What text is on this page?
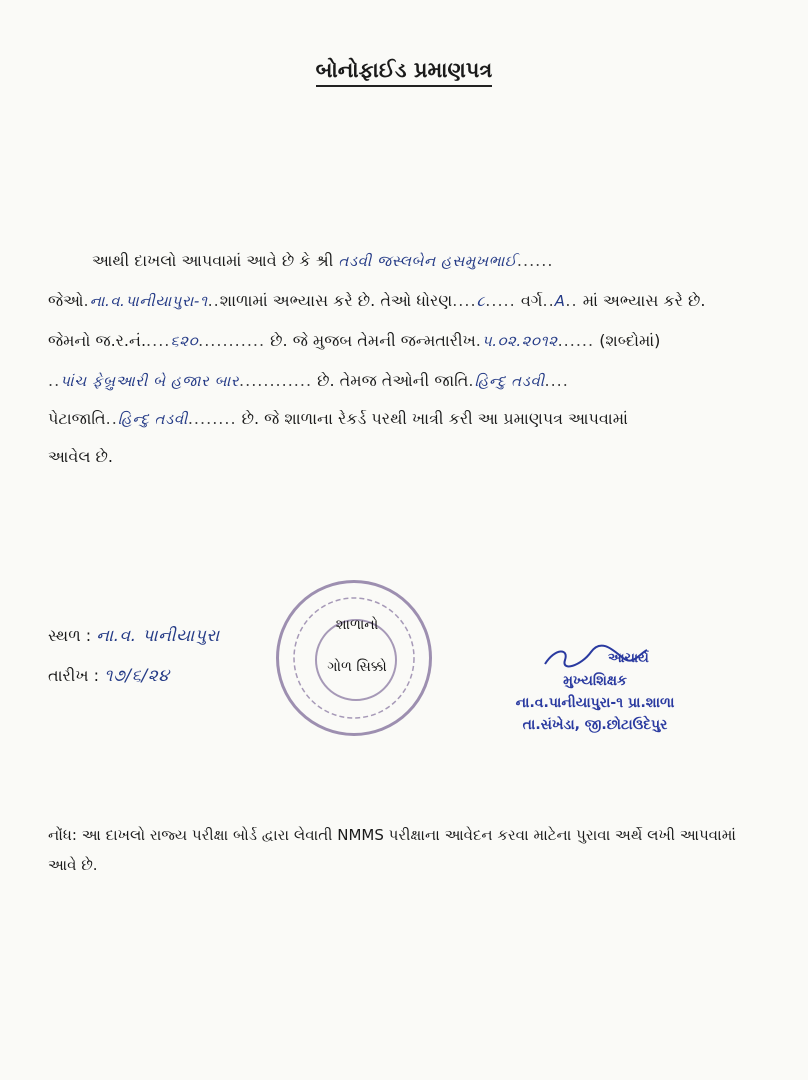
બોનોફાઈડ પ્રમાણપત્ર
આથી દાખલો આપવામાં આવે છે કે શ્રી તડવી જસ્લબેન હસમુખભાઈ......
જેઓ.ના.વ.પાનીયાપુરા-૧..શાળામાં અભ્યાસ કરે છે. તેઓ ધોરણ....૮..... વર્ગ..A.. માં અભ્યાસ કરે છે.
જેમનો જ.ર.નં.....૬૨૦........... છે. જે મુજબ તેમની જન્મતારીખ.૫.૦૨.૨૦૧૨...... (શબ્દોમાં)
..પાંચ ફેબ્રુઆરી બે હજાર બાર............ છે. તેમજ તેઓની જાતિ.હિન્દુ તડવી....
પેટાજાતિ..હિન્દુ તડવી........ છે. જે શાળાના રેકર્ડ પરથી ખાત્રી કરી આ પ્રમાણપત્ર આપવામાં
આવેલ છે.
સ્થળ : ના.વ. પાનીયાપુરા
તારીખ : ૧૭/૬/૨૪
શાળાનો
ગોળ સિક્કો
આચાર્ય
મુખ્યશિક્ષક
ના.વ.પાનીયાપુરા-૧ પ્રા.શાળા
તા.સંખેડા, જી.છોટાઉદેપુર
નોંધ: આ દાખલો રાજ્ય પરીક્ષા બોર્ડ દ્વારા લેવાતી NMMS પરીક્ષાના આવેદન કરવા માટેના પુરાવા અર્થે લખી આપવામાં આવે છે.
